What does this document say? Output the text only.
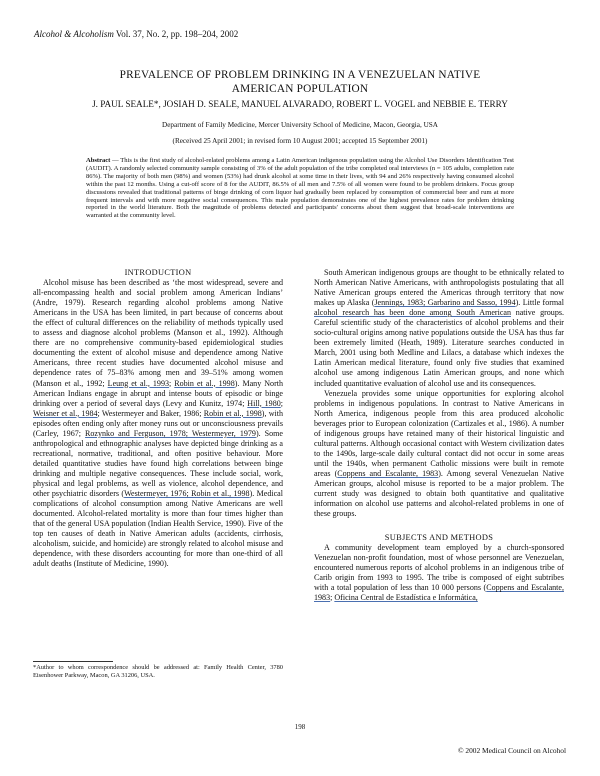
Alcohol & Alcoholism Vol. 37, No. 2, pp. 198–204, 2002
PREVALENCE OF PROBLEM DRINKING IN A VENEZUELAN NATIVE
AMERICAN POPULATION
J. PAUL SEALE*, JOSIAH D. SEALE, MANUEL ALVARADO, ROBERT L. VOGEL and NEBBIE E. TERRY
Department of Family Medicine, Mercer University School of Medicine, Macon, Georgia, USA
(Received 25 April 2001; in revised form 10 August 2001; accepted 15 September 2001)
Abstract — This is the first study of alcohol-related problems among a Latin American indigenous population using the Alcohol Use Disorders Identification Test (AUDIT). A randomly selected community sample consisting of 3% of the adult population of the tribe completed oral interviews (n = 105 adults, completion rate 86%). The majority of both men (98%) and women (53%) had drunk alcohol at some time in their lives, with 94 and 26% respectively having consumed alcohol within the past 12 months. Using a cut-off score of 8 for the AUDIT, 86.5% of all men and 7.5% of all women were found to be problem drinkers. Focus group discussions revealed that traditional patterns of binge drinking of corn liquor had gradually been replaced by consumption of commercial beer and rum at more frequent intervals and with more negative social consequences. This male population demonstrates one of the highest prevalence rates for problem drinking reported in the world literature. Both the magnitude of problems detected and participants' concerns about them suggest that broad-scale interventions are warranted at the community level.

INTRODUCTION

Alcohol misuse has been described as ‘the most widespread, severe and all-encompassing health and social problem among American Indians’ (Andre, 1979). Research regarding alcohol problems among Native Americans in the USA has been limited, in part because of concerns about the effect of cultural differences on the reliability of methods typically used to assess and diagnose alcohol problems (Manson et al., 1992). Although there are no comprehensive community-based epidemiological studies documenting the extent of alcohol misuse and dependence among Native Americans, three recent studies have documented alcohol misuse and dependence rates of 75–83% among men and 39–51% among women (Manson et al., 1992; Leung et al., 1993; Robin et al., 1998). Many North American Indians engage in abrupt and intense bouts of episodic or binge drinking over a period of several days (Levy and Kunitz, 1974; Hill, 1980; Weisner et al., 1984; Westermeyer and Baker, 1986; Robin et al., 1998), with episodes often ending only after money runs out or unconsciousness prevails (Carley, 1967; Rozynko and Ferguson, 1978; Westermeyer, 1979). Some anthropological and ethnographic analyses have depicted binge drinking as a recreational, normative, traditional, and often positive behaviour. More detailed quantitative studies have found high correlations between binge drinking and multiple negative consequences. These include social, work, physical and legal problems, as well as violence, alcohol dependence, and other psychiatric disorders (Westermeyer, 1976; Robin et al., 1998). Medical complications of alcohol consumption among Native Americans are well documented. Alcohol-related mortality is more than four times higher than that of the general USA population (Indian Health Service, 1990). Five of the top ten causes of death in Native American adults (accidents, cirrhosis, alcoholism, suicide, and homicide) are strongly related to alcohol misuse and dependence, with these disorders accounting for more than one-third of all adult deaths (Institute of Medicine, 1990).

South American indigenous groups are thought to be ethnically related to North American Native Americans, with anthropologists postulating that all Native American groups entered the Americas through territory that now makes up Alaska (Jennings, 1983; Garbarino and Sasso, 1994). Little formal alcohol research has been done among South American native groups. Careful scientific study of the characteristics of alcohol problems and their socio-cultural origins among native populations outside the USA has thus far been extremely limited (Heath, 1989). Literature searches conducted in March, 2001 using both Medline and Lilacs, a database which indexes the Latin American medical literature, found only five studies that examined alcohol use among indigenous Latin American groups, and none which included quantitative evaluation of alcohol use and its consequences.

Venezuela provides some unique opportunities for exploring alcohol problems in indigenous populations. In contrast to Native Americans in North America, indigenous people from this area produced alcoholic beverages prior to European colonization (Cartizales et al., 1986). A number of indigenous groups have retained many of their historical linguistic and cultural patterns. Although occasional contact with Western civilization dates to the 1490s, large-scale daily cultural contact did not occur in some areas until the 1940s, when permanent Catholic missions were built in remote areas (Coppens and Escalante, 1983). Among several Venezuelan Native American groups, alcohol misuse is reported to be a major problem. The current study was designed to obtain both quantitative and qualitative information on alcohol use patterns and alcohol-related problems in one of these groups.

SUBJECTS AND METHODS

A community development team employed by a church-sponsored Venezuelan non-profit foundation, most of whose personnel are Venezuelan, encountered numerous reports of alcohol problems in an indigenous tribe of Carib origin from 1993 to 1995. The tribe is composed of eight subtribes with a total population of less than 10 000 persons (Coppens and Escalante, 1983; Oficina Central de Estadística e Informática,

*Author to whom correspondence should be addressed at: Family Health Center, 3780 Eisenhower Parkway, Macon, GA 31206, USA.
198
© 2002 Medical Council on Alcohol
